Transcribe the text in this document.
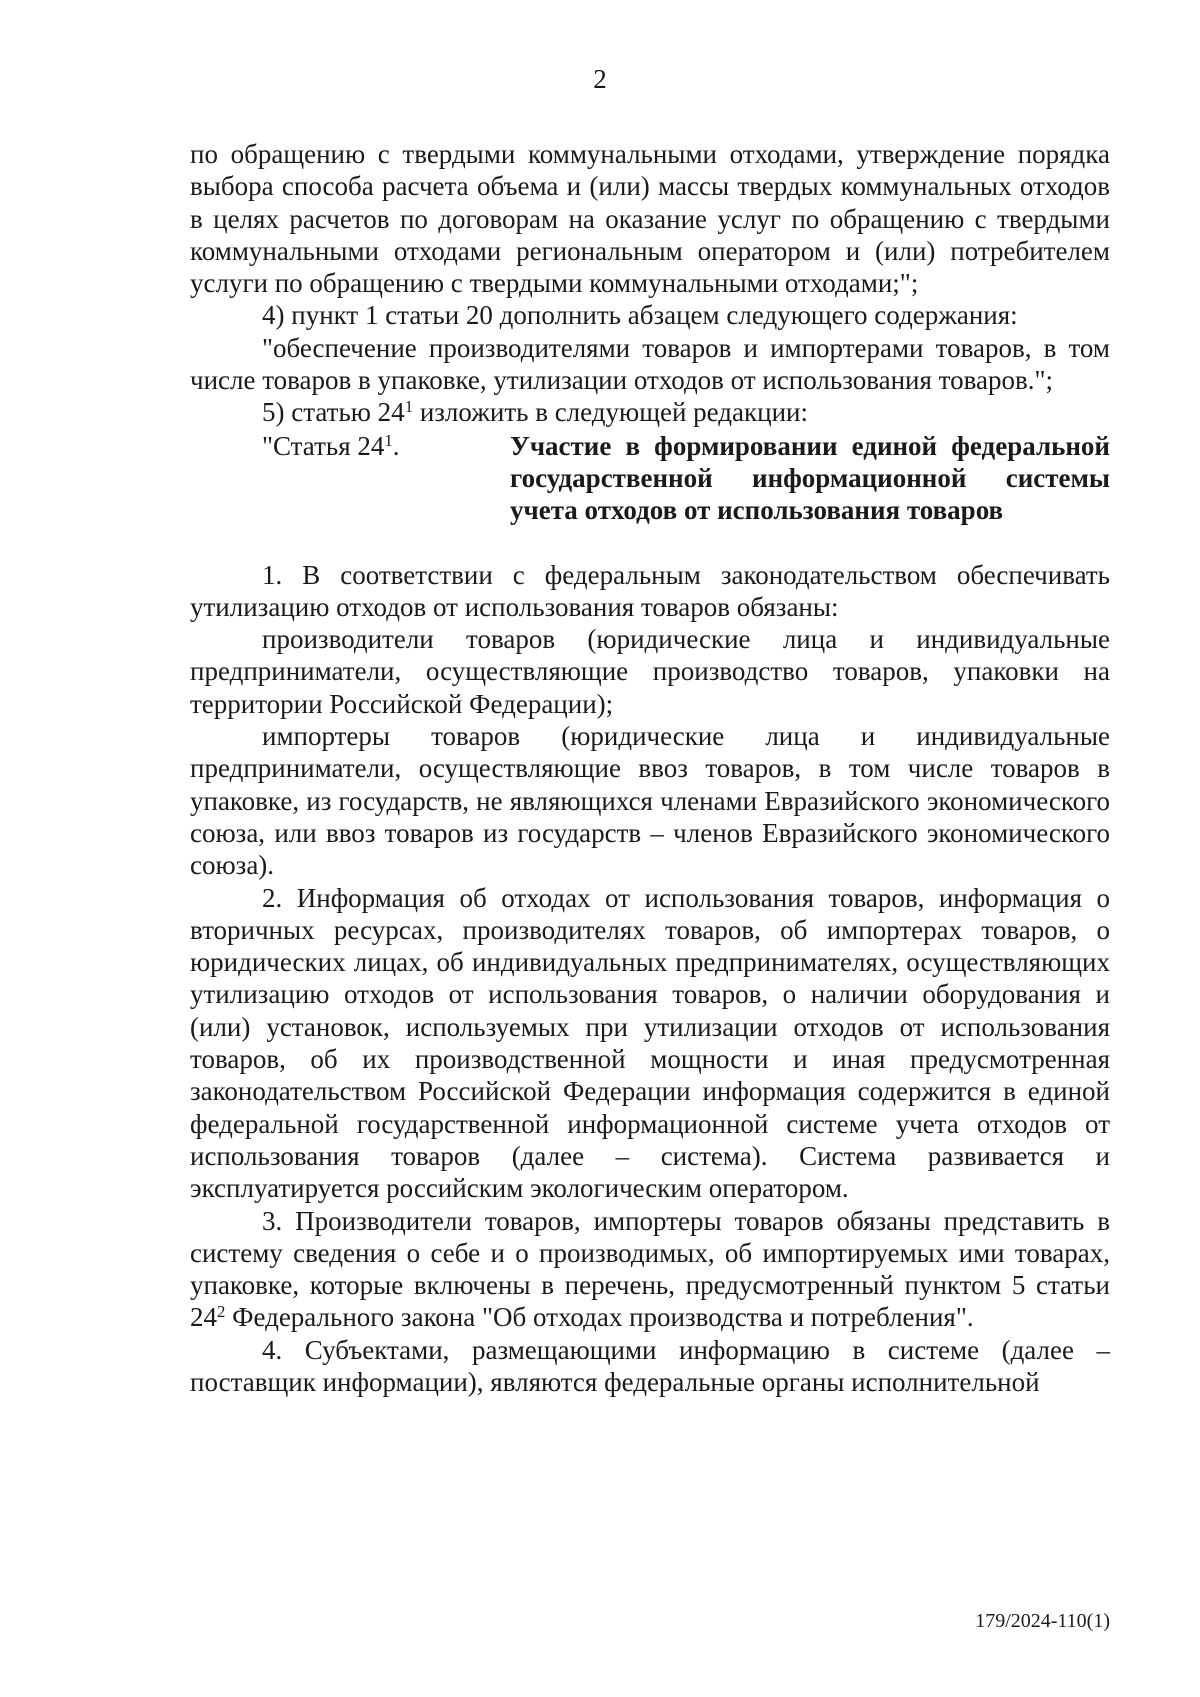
2

по обращению с твердыми коммунальными отходами, утверждение порядка выбора способа расчета объема и (или) массы твердых коммунальных отходов в целях расчетов по договорам на оказание услуг по обращению с твердыми коммунальными отходами региональным оператором и (или) потребителем услуги по обращению с твердыми коммунальными отходами;";

4) пункт 1 статьи 20 дополнить абзацем следующего содержания:

"обеспечение производителями товаров и импортерами товаров, в том числе товаров в упаковке, утилизации отходов от использования товаров.";

5) статью $24^1$ изложить в следующей редакции:

"Статья $24^1$.	Участие в формировании единой федеральной государственной информационной системы учета отходов от использования товаров

1. В соответствии с федеральным законодательством обеспечивать утилизацию отходов от использования товаров обязаны:

производители товаров (юридические лица и индивидуальные предприниматели, осуществляющие производство товаров, упаковки на территории Российской Федерации);

импортеры товаров (юридические лица и индивидуальные предприниматели, осуществляющие ввоз товаров, в том числе товаров в упаковке, из государств, не являющихся членами Евразийского экономического союза, или ввоз товаров из государств – членов Евразийского экономического союза).

2. Информация об отходах от использования товаров, информация о вторичных ресурсах, производителях товаров, об импортерах товаров, о юридических лицах, об индивидуальных предпринимателях, осуществляющих утилизацию отходов от использования товаров, о наличии оборудования и (или) установок, используемых при утилизации отходов от использования товаров, об их производственной мощности и иная предусмотренная законодательством Российской Федерации информация содержится в единой федеральной государственной информационной системе учета отходов от использования товаров (далее – система). Система развивается и эксплуатируется российским экологическим оператором.

3. Производители товаров, импортеры товаров обязаны представить в систему сведения о себе и о производимых, об импортируемых ими товарах, упаковке, которые включены в перечень, предусмотренный пунктом 5 статьи $24^2$ Федерального закона "Об отходах производства и потребления".

4. Субъектами, размещающими информацию в системе (далее – поставщик информации), являются федеральные органы исполнительной

179/2024-110(1)
